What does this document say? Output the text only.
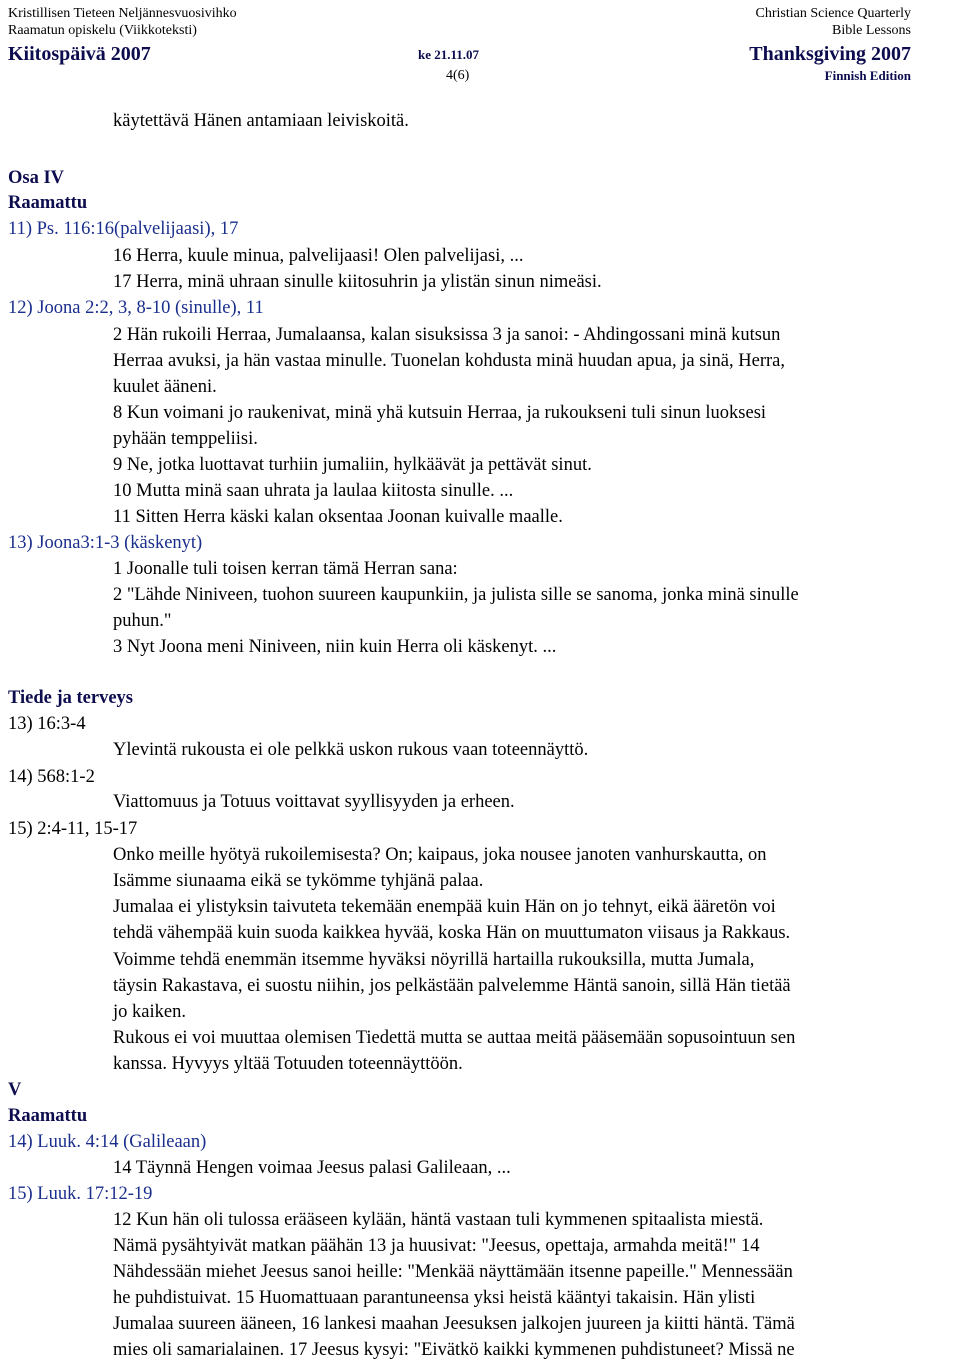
Kristillisen Tieteen Neljännesvuosivihko
Raamatun opiskelu (Viikkoteksti)
Kiitospäivä 2007	ke 21.11.07
4(6)
Christian Science Quarterly
Bible Lessons
Thanksgiving 2007
Finnish Edition
käytettävä Hänen antamiaan leiviskoitä.
Osa IV
Raamattu
11) Ps. 116:16(palvelijaasi), 17
16 Herra, kuule minua, palvelijaasi! Olen palvelijasi, ...
17 Herra, minä uhraan sinulle kiitosuhrin ja ylistän sinun nimeäsi.
12) Joona 2:2, 3, 8-10 (sinulle), 11
2 Hän rukoili Herraa, Jumalaansa, kalan sisuksissa 3 ja sanoi: - Ahdingossani minä kutsun
Herraa avuksi, ja hän vastaa minulle. Tuonelan kohdusta minä huudan apua, ja sinä, Herra,
kuulet ääneni.
8 Kun voimani jo raukenivat, minä yhä kutsuin Herraa, ja rukoukseni tuli sinun luoksesi
pyhään temppeliisi.
9 Ne, jotka luottavat turhiin jumaliin, hylkäävät ja pettävät sinut.
10 Mutta minä saan uhrata ja laulaa kiitosta sinulle. ...
11 Sitten Herra käski kalan oksentaa Joonan kuivalle maalle.
13) Joona3:1-3 (käskenyt)
1 Joonalle tuli toisen kerran tämä Herran sana:
2 "Lähde Niniveen, tuohon suureen kaupunkiin, ja julista sille se sanoma, jonka minä sinulle
puhun."
3 Nyt Joona meni Niniveen, niin kuin Herra oli käskenyt. ...
Tiede ja terveys
13) 16:3-4
Ylevintä rukousta ei ole pelkkä uskon rukous vaan toteennäyttö.
14) 568:1-2
Viattomuus ja Totuus voittavat syyllisyyden ja erheen.
15) 2:4-11, 15-17
Onko meille hyötyä rukoilemisesta? On; kaipaus, joka nousee janoten vanhurskautta, on
Isämme siunaama eikä se tykömme tyhjänä palaa.
Jumalaa ei ylistyksin taivuteta tekemään enempää kuin Hän on jo tehnyt, eikä ääretön voi
tehdä vähempää kuin suoda kaikkea hyvää, koska Hän on muuttumaton viisaus ja Rakkaus.
Voimme tehdä enemmän itsemme hyväksi nöyrillä hartailla rukouksilla, mutta Jumala,
täysin Rakastava, ei suostu niihin, jos pelkästään palvelemme Häntä sanoin, sillä Hän tietää
jo kaiken.
Rukous ei voi muuttaa olemisen Tiedettä mutta se auttaa meitä pääsemään sopusointuun sen
kanssa. Hyvyys yltää Totuuden toteennäyttöön.
V
Raamattu
14) Luuk. 4:14 (Galileaan)
14 Täynnä Hengen voimaa Jeesus palasi Galileaan, ...
15) Luuk. 17:12-19
12 Kun hän oli tulossa erääseen kylään, häntä vastaan tuli kymmenen spitaalista miestä.
Nämä pysähtyivät matkan päähän 13 ja huusivat: "Jeesus, opettaja, armahda meitä!" 14
Nähdessään miehet Jeesus sanoi heille: "Menkää näyttämään itsenne papeille." Mennessään
he puhdistuivat. 15 Huomattuaan parantuneensa yksi heistä kääntyi takaisin. Hän ylisti
Jumalaa suureen ääneen, 16 lankesi maahan Jeesuksen jalkojen juureen ja kiitti häntä. Tämä
mies oli samarialainen. 17 Jeesus kysyi: "Eivätkö kaikki kymmenen puhdistuneet? Missä ne
